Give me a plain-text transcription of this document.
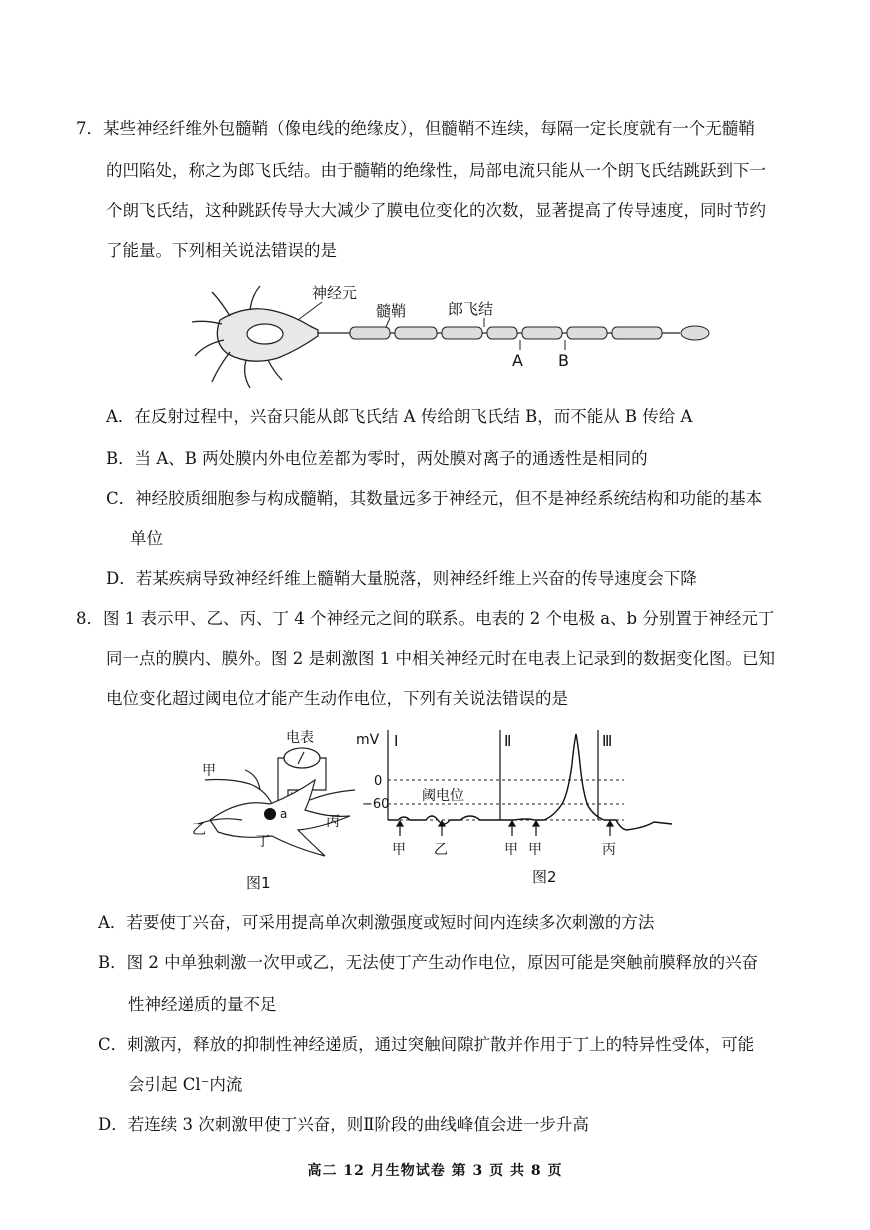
7．某些神经纤维外包髓鞘（像电线的绝缘皮），但髓鞘不连续，每隔一定长度就有一个无髓鞘
的凹陷处，称之为郎飞氏结。由于髓鞘的绝缘性，局部电流只能从一个朗飞氏结跳跃到下一
个朗飞氏结，这种跳跃传导大大减少了膜电位变化的次数，显著提高了传导速度，同时节约
了能量。下列相关说法错误的是
神经元
髓鞘	郎飞结
A B
A．在反射过程中，兴奋只能从郎飞氏结 A 传给朗飞氏结 B，而不能从 B 传给 A
B．当 A、B 两处膜内外电位差都为零时，两处膜对离子的通透性是相同的
C．神经胶质细胞参与构成髓鞘，其数量远多于神经元，但不是神经系统结构和功能的基本
单位
D．若某疾病导致神经纤维上髓鞘大量脱落，则神经纤维上兴奋的传导速度会下降
8．图 1 表示甲、乙、丙、丁 4 个神经元之间的联系。电表的 2 个电极 a、b 分别置于神经元丁
同一点的膜内、膜外。图 2 是刺激图 1 中相关神经元时在电表上记录到的数据变化图。已知
电位变化超过阈电位才能产生动作电位，下列有关说法错误的是
电表
a
甲
乙	丙
丁
图1
mV Ⅰ	Ⅱ	Ⅲ
0
−60
阈电位
甲 乙	甲 甲	丙
图2
A．若要使丁兴奋，可采用提高单次刺激强度或短时间内连续多次刺激的方法
B．图 2 中单独刺激一次甲或乙，无法使丁产生动作电位，原因可能是突触前膜释放的兴奋
性神经递质的量不足
C．刺激丙，释放的抑制性神经递质，通过突触间隙扩散并作用于丁上的特异性受体，可能
会引起 Cl⁻内流
D．若连续 3 次刺激甲使丁兴奋，则Ⅱ阶段的曲线峰值会进一步升高
高二 12 月生物试卷 第 3 页 共 8 页
